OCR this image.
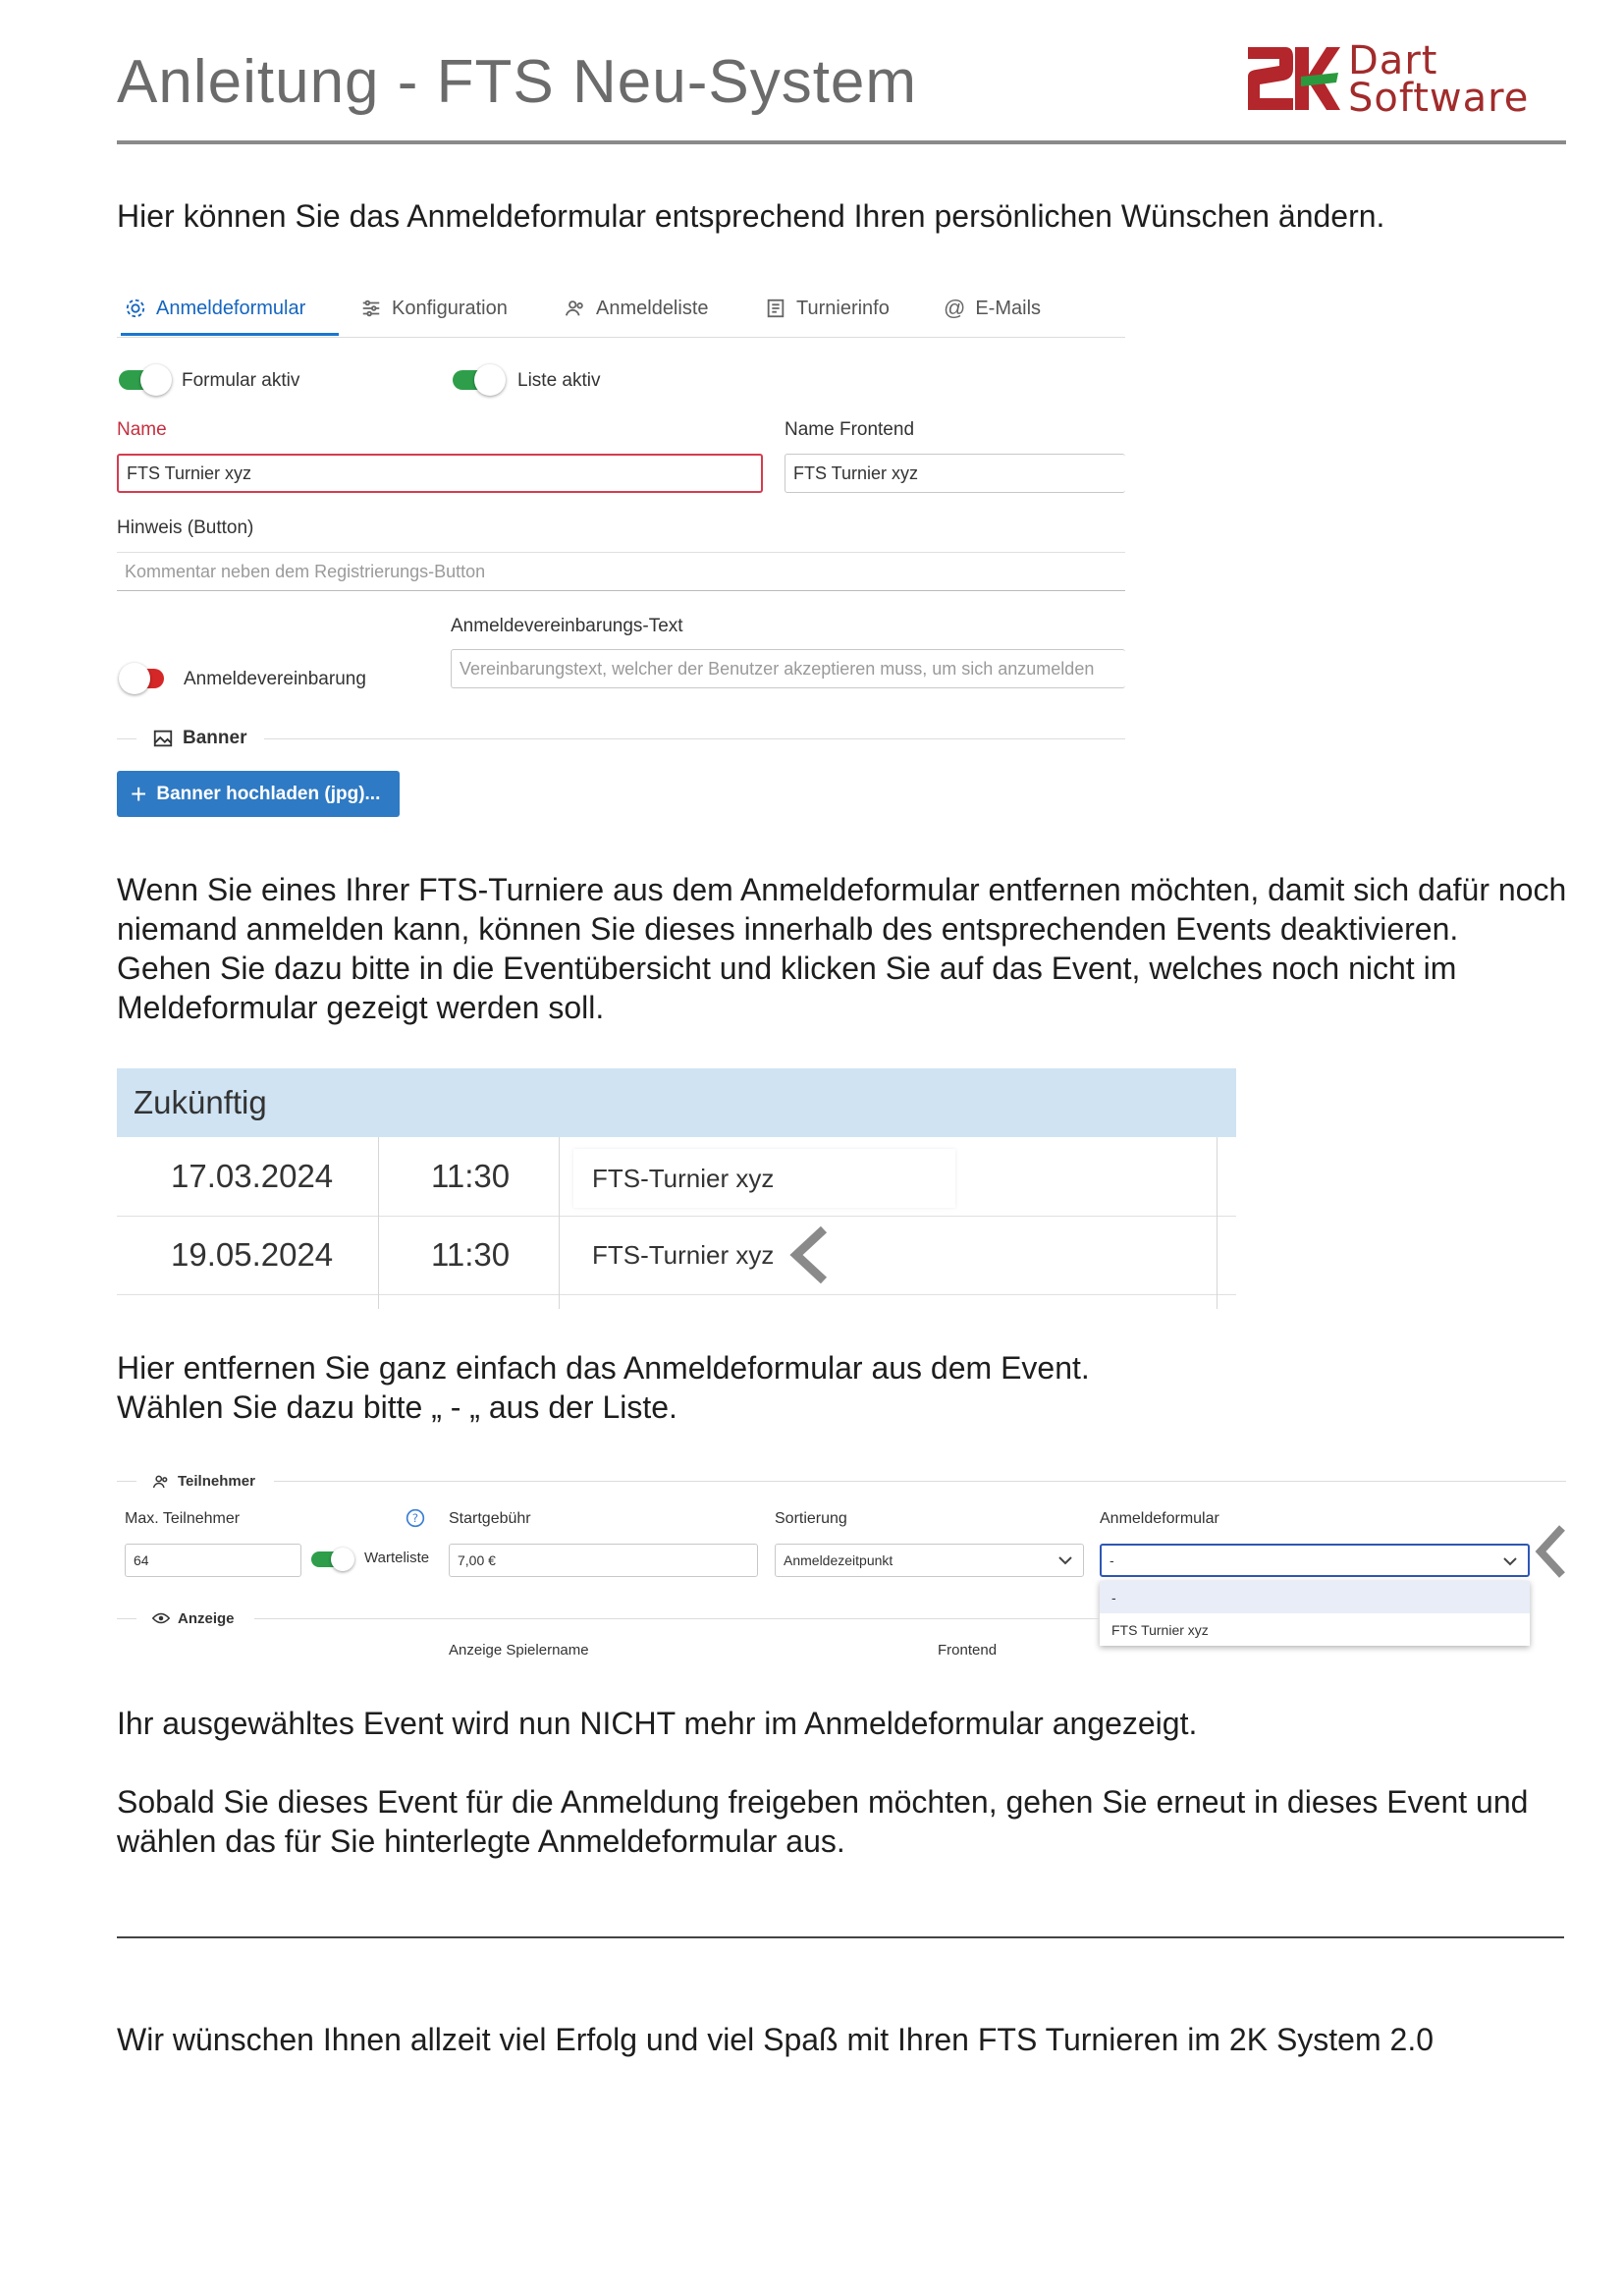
Anleitung - FTS Neu-System	Dart
Software
Hier können Sie das Anmeldeformular entsprechend Ihren persönlichen Wünschen ändern.
Anmeldeformular	Konfiguration	Anmeldeliste	Turnierinfo	@ E-Mails
Formular aktiv	Liste aktiv
Name
FTS Turnier xyz
Name Frontend
FTS Turnier xyz
Hinweis (Button)
Kommentar neben dem Registrierungs-Button
Anmeldevereinbarungs-Text
Vereinbarungstext, welcher der Benutzer akzeptieren muss, um sich anzumelden
Anmeldevereinbarung
Banner
+ Banner hochladen (jpg)...
Wenn Sie eines Ihrer FTS-Turniere aus dem Anmeldeformular entfernen möchten, damit sich dafür noch
niemand anmelden kann, können Sie dieses innerhalb des entsprechenden Events deaktivieren.
Gehen Sie dazu bitte in die Eventübersicht und klicken Sie auf das Event, welches noch nicht im
Meldeformular gezeigt werden soll.
Zukünftig
17.03.2024	11:30	FTS-Turnier xyz
19.05.2024	11:30	FTS-Turnier xyz
Hier entfernen Sie ganz einfach das Anmeldeformular aus dem Event.
Wählen Sie dazu bitte „ - „ aus der Liste.
Teilnehmer
Max. Teilnehmer	?
64	Warteliste
Startgebühr
7,00 €
Sortierung
Anmeldezeitpunkt
Anmeldeformular
-
-
FTS Turnier xyz
Anzeige
Anzeige Spielername	Frontend
Ihr ausgewähltes Event wird nun NICHT mehr im Anmeldeformular angezeigt.
Sobald Sie dieses Event für die Anmeldung freigeben möchten, gehen Sie erneut in dieses Event und
wählen das für Sie hinterlegte Anmeldeformular aus.
Wir wünschen Ihnen allzeit viel Erfolg und viel Spaß mit Ihren FTS Turnieren im 2K System 2.0
